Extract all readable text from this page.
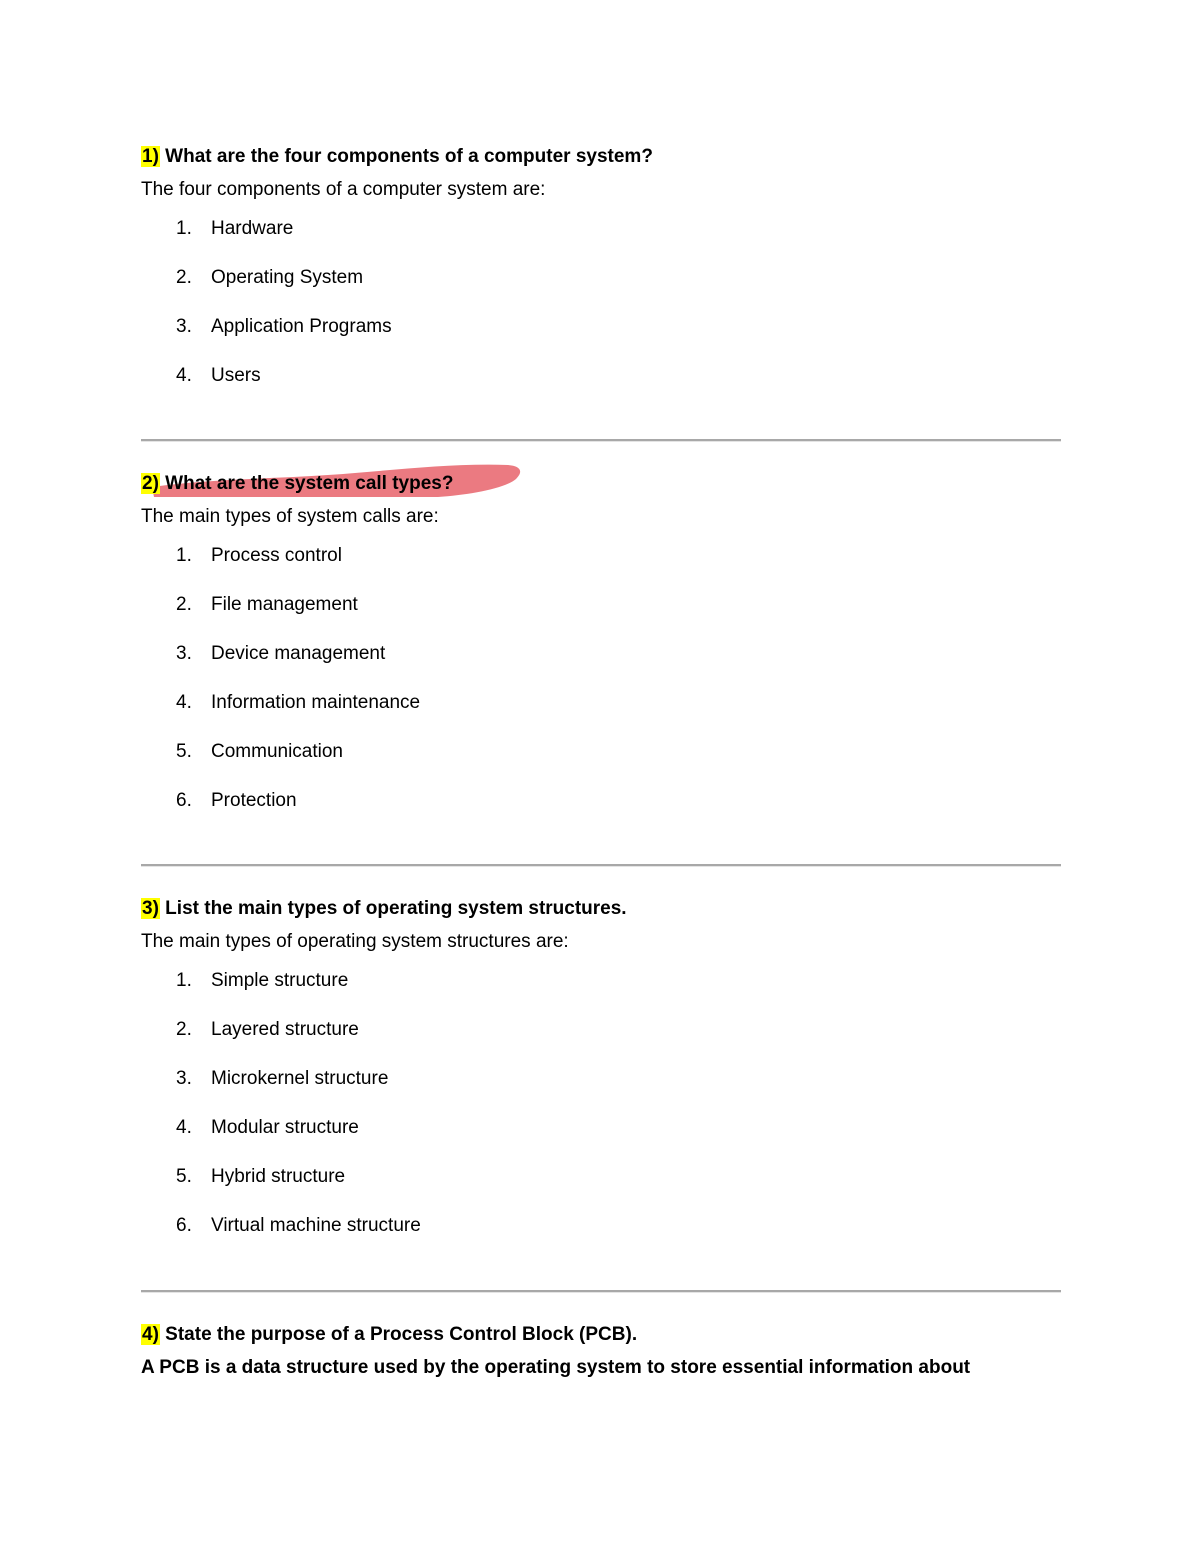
1) What are the four components of a computer system?
The four components of a computer system are:
1.	Hardware
2.	Operating System
3.	Application Programs
4.	Users
2) What are the system call types?
The main types of system calls are:
1.	Process control
2.	File management
3.	Device management
4.	Information maintenance
5.	Communication
6.	Protection
3) List the main types of operating system structures.
The main types of operating system structures are:
1.	Simple structure
2.	Layered structure
3.	Microkernel structure
4.	Modular structure
5.	Hybrid structure
6.	Virtual machine structure
4) State the purpose of a Process Control Block (PCB).
A PCB is a data structure used by the operating system to store essential information about
